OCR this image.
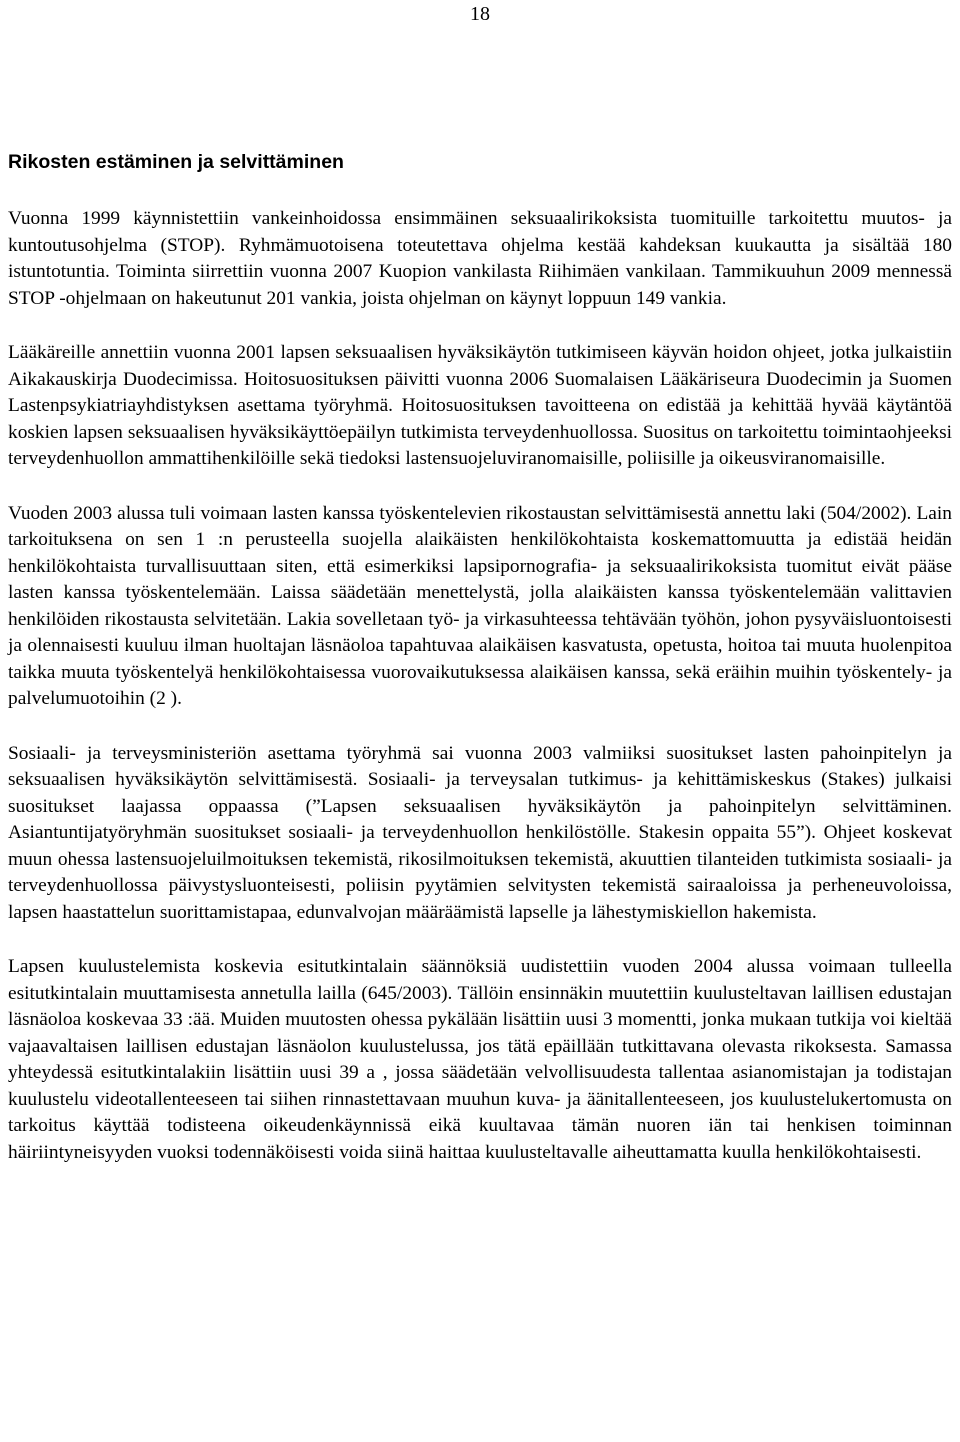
18
Rikosten estäminen ja selvittäminen

Vuonna 1999 käynnistettiin vankeinhoidossa ensimmäinen seksuaalirikoksista tuomituille tarkoitettu muutos- ja kuntoutusohjelma (STOP). Ryhmämuotoisena toteutettava ohjelma kestää kahdeksan kuukautta ja sisältää 180 istuntotuntia. Toiminta siirrettiin vuonna 2007 Kuopion vankilasta Riihimäen vankilaan. Tammikuuhun 2009 mennessä STOP -ohjelmaan on hakeutunut 201 vankia, joista ohjelman on käynyt loppuun 149 vankia.

Lääkäreille annettiin vuonna 2001 lapsen seksuaalisen hyväksikäytön tutkimiseen käyvän hoidon ohjeet, jotka julkaistiin Aikakauskirja Duodecimissa. Hoitosuosituksen päivitti vuonna 2006 Suomalaisen Lääkäriseura Duodecimin ja Suomen Lastenpsykiatriayhdistyksen asettama työryhmä. Hoitosuosituksen tavoitteena on edistää ja kehittää hyvää käytäntöä koskien lapsen seksuaalisen hyväksikäyttöepäilyn tutkimista terveydenhuollossa. Suositus on tarkoitettu toimintaohjeeksi terveydenhuollon ammattihenkilöille sekä tiedoksi lastensuojeluviranomaisille, poliisille ja oikeusviranomaisille.

Vuoden 2003 alussa tuli voimaan lasten kanssa työskentelevien rikostaustan selvittämisestä annettu laki (504/2002). Lain tarkoituksena on sen 1 :n perusteella suojella alaikäisten henkilökohtaista koskemattomuutta ja edistää heidän henkilökohtaista turvallisuuttaan siten, että esimerkiksi lapsipornografia- ja seksuaalirikoksista tuomitut eivät pääse lasten kanssa työskentelemään. Laissa säädetään menettelystä, jolla alaikäisten kanssa työskentelemään valittavien henkilöiden rikostausta selvitetään. Lakia sovelletaan työ- ja virkasuhteessa tehtävään työhön, johon pysyväisluontoisesti ja olennaisesti kuuluu ilman huoltajan läsnäoloa tapahtuvaa alaikäisen kasvatusta, opetusta, hoitoa tai muuta huolenpitoa taikka muuta työskentelyä henkilökohtaisessa vuorovaikutuksessa alaikäisen kanssa, sekä eräihin muihin työskentely- ja palvelumuotoihin (2 ).

Sosiaali- ja terveysministeriön asettama työryhmä sai vuonna 2003 valmiiksi suositukset lasten pahoinpitelyn ja seksuaalisen hyväksikäytön selvittämisestä. Sosiaali- ja terveysalan tutkimus- ja kehittämiskeskus (Stakes) julkaisi suositukset laajassa oppaassa (”Lapsen seksuaalisen hyväksikäytön ja pahoinpitelyn selvittäminen. Asiantuntijatyöryhmän suositukset sosiaali- ja terveydenhuollon henkilöstölle. Stakesin oppaita 55”). Ohjeet koskevat muun ohessa lastensuojeluilmoituksen tekemistä, rikosilmoituksen tekemistä, akuuttien tilanteiden tutkimista sosiaali- ja terveydenhuollossa päivystysluonteisesti, poliisin pyytämien selvitysten tekemistä sairaaloissa ja perheneuvoloissa, lapsen haastattelun suorittamistapaa, edunvalvojan määräämistä lapselle ja lähestymiskiellon hakemista.

Lapsen kuulustelemista koskevia esitutkintalain säännöksiä uudistettiin vuoden 2004 alussa voimaan tulleella esitutkintalain muuttamisesta annetulla lailla (645/2003). Tällöin ensinnäkin muutettiin kuulusteltavan laillisen edustajan läsnäoloa koskevaa 33 :ää. Muiden muutosten ohessa pykälään lisättiin uusi 3 momentti, jonka mukaan tutkija voi kieltää vajaavaltaisen laillisen edustajan läsnäolon kuulustelussa, jos tätä epäillään tutkittavana olevasta rikoksesta. Samassa yhteydessä esitutkintalakiin lisättiin uusi 39 a , jossa säädetään velvollisuudesta tallentaa asianomistajan ja todistajan kuulustelu videotallenteeseen tai siihen rinnastettavaan muuhun kuva- ja äänitallenteeseen, jos kuulustelukertomusta on tarkoitus käyttää todisteena oikeudenkäynnissä eikä kuultavaa tämän nuoren iän tai henkisen toiminnan häiriintyneisyyden vuoksi todennäköisesti voida siinä haittaa kuulusteltavalle aiheuttamatta kuulla henkilökohtaisesti.
